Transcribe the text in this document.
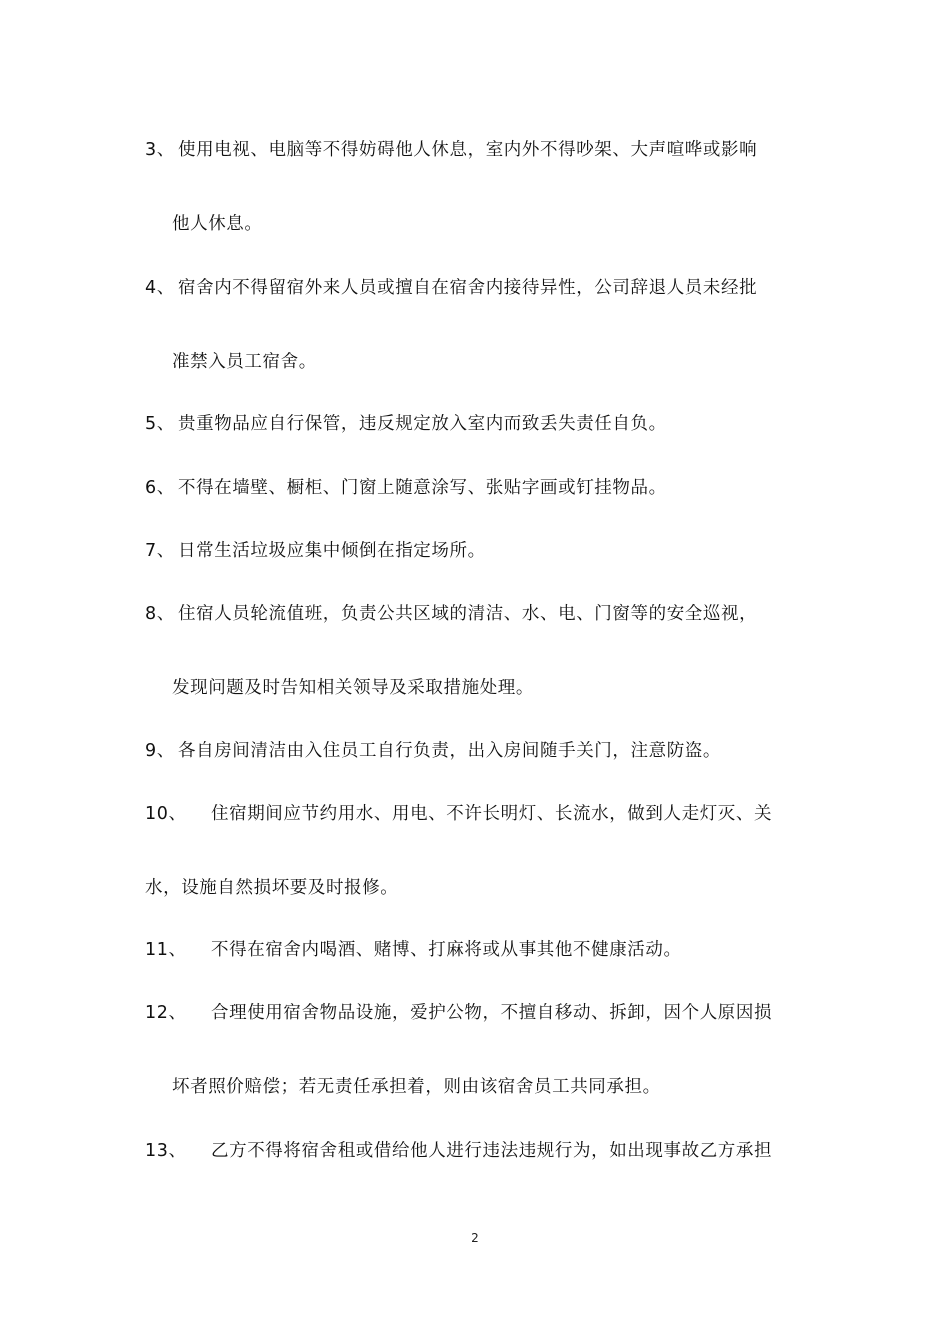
3、 使用电视、电脑等不得妨碍他人休息，室内外不得吵架、大声喧哗或影响
他人休息。
4、 宿舍内不得留宿外来人员或擅自在宿舍内接待异性，公司辞退人员未经批
准禁入员工宿舍。
5、 贵重物品应自行保管，违反规定放入室内而致丢失责任自负。
6、 不得在墙壁、橱柜、门窗上随意涂写、张贴字画或钉挂物品。
7、 日常生活垃圾应集中倾倒在指定场所。
8、 住宿人员轮流值班，负责公共区域的清洁、水、电、门窗等的安全巡视，
发现问题及时告知相关领导及采取措施处理。
9、 各自房间清洁由入住员工自行负责，出入房间随手关门，注意防盗。
10、 住宿期间应节约用水、用电、不许长明灯、长流水，做到人走灯灭、关
水，设施自然损坏要及时报修。
11、 不得在宿舍内喝酒、赌博、打麻将或从事其他不健康活动。
12、 合理使用宿舍物品设施，爱护公物，不擅自移动、拆卸，因个人原因损
坏者照价赔偿；若无责任承担着，则由该宿舍员工共同承担。
13、 乙方不得将宿舍租或借给他人进行违法违规行为，如出现事故乙方承担
2
